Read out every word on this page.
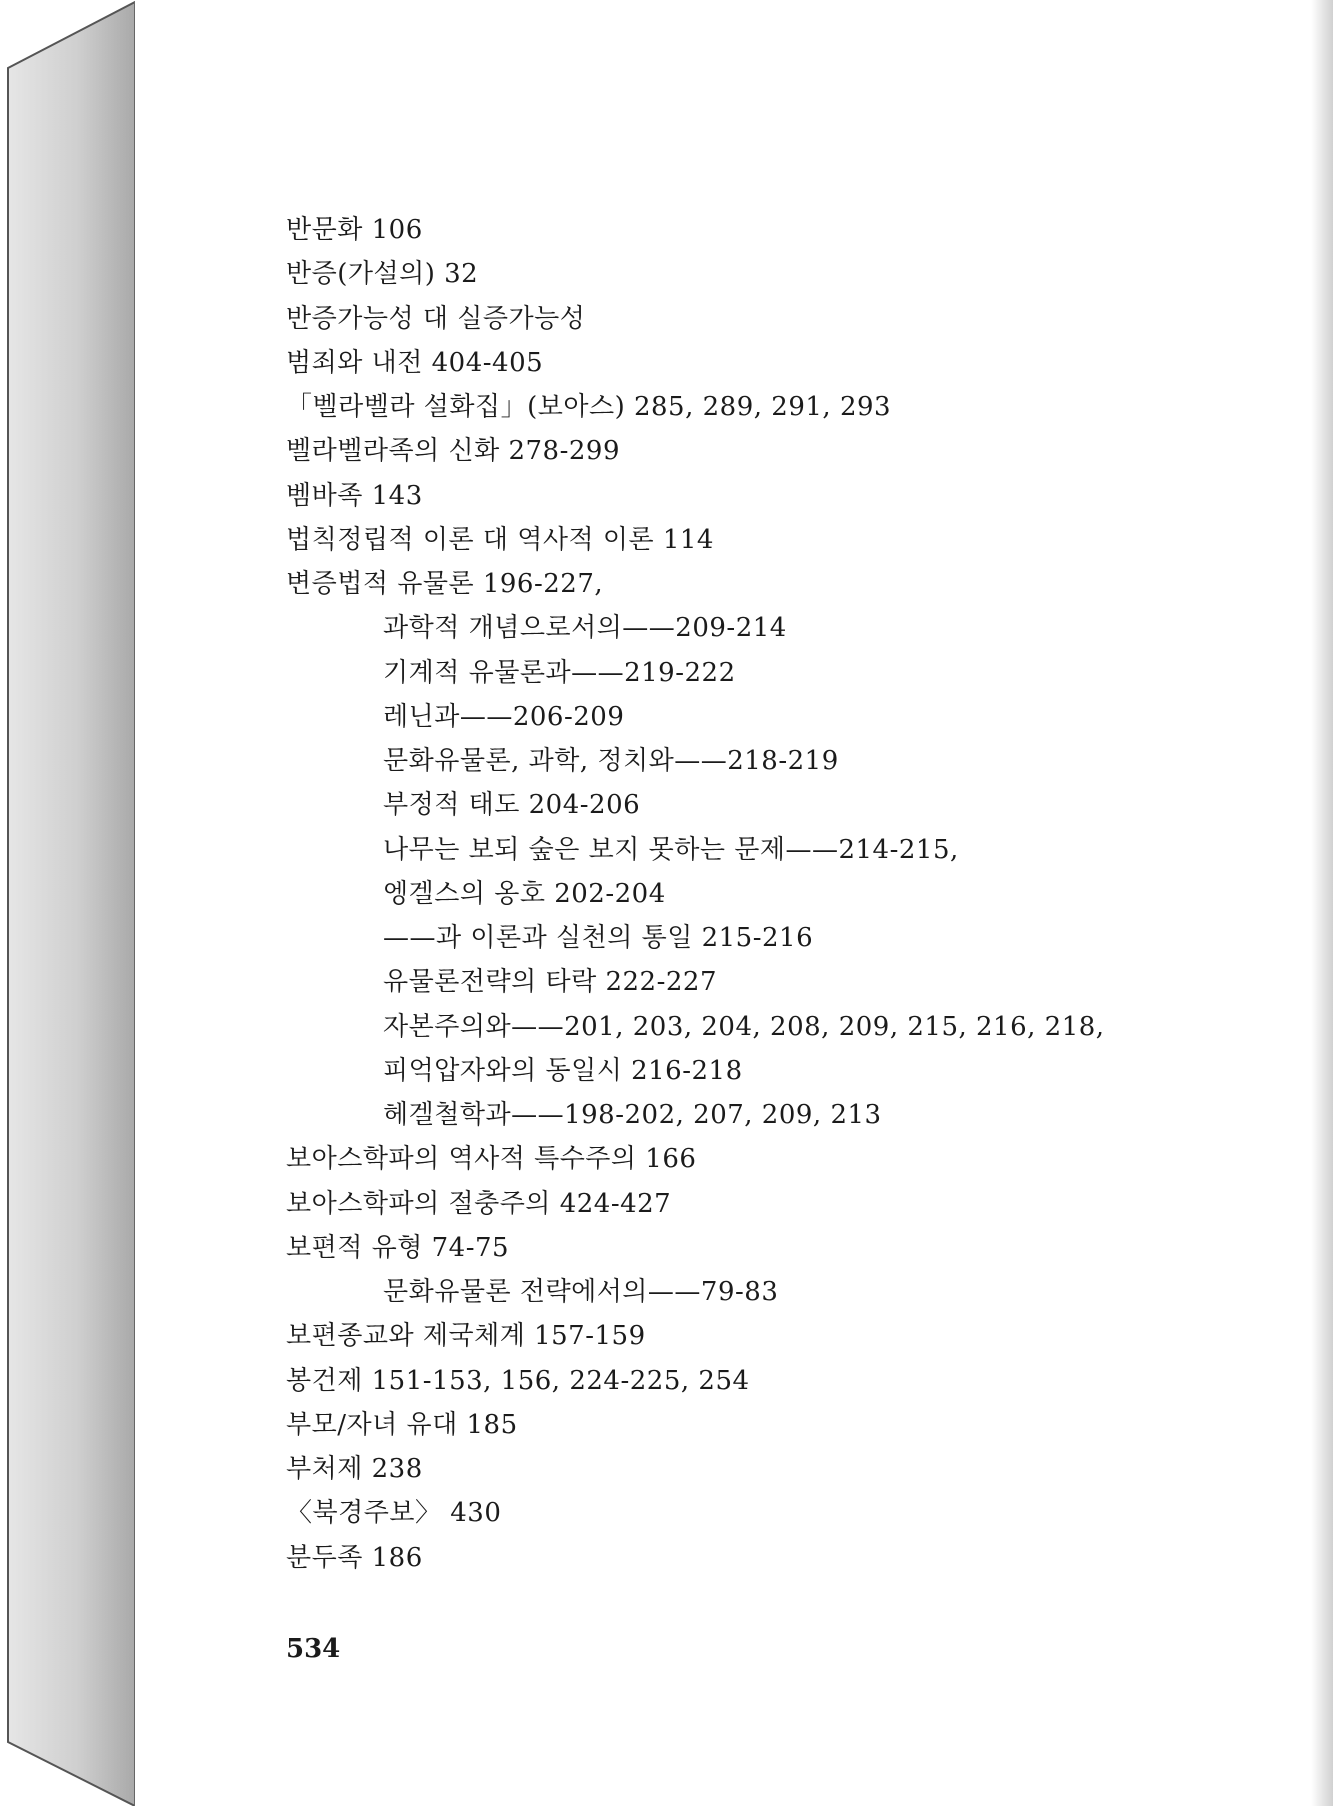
반문화 106
반증(가설의) 32
반증가능성 대 실증가능성
범죄와 내전 404-405
「벨라벨라 설화집」(보아스) 285, 289, 291, 293
벨라벨라족의 신화 278-299
벰바족 143
법칙정립적 이론 대 역사적 이론 114
변증법적 유물론 196-227,
과학적 개념으로서의——209-214
기계적 유물론과——219-222
레닌과——206-209
문화유물론, 과학, 정치와——218-219
부정적 태도 204-206
나무는 보되 숲은 보지 못하는 문제——214-215,
엥겔스의 옹호 202-204
——과 이론과 실천의 통일 215-216
유물론전략의 타락 222-227
자본주의와——201, 203, 204, 208, 209, 215, 216, 218,
피억압자와의 동일시 216-218
헤겔철학과——198-202, 207, 209, 213
보아스학파의 역사적 특수주의 166
보아스학파의 절충주의 424-427
보편적 유형 74-75
문화유물론 전략에서의——79-83
보편종교와 제국체계 157-159
봉건제 151-153, 156, 224-225, 254
부모/자녀 유대 185
부처제 238
〈북경주보〉 430
분두족 186
534
